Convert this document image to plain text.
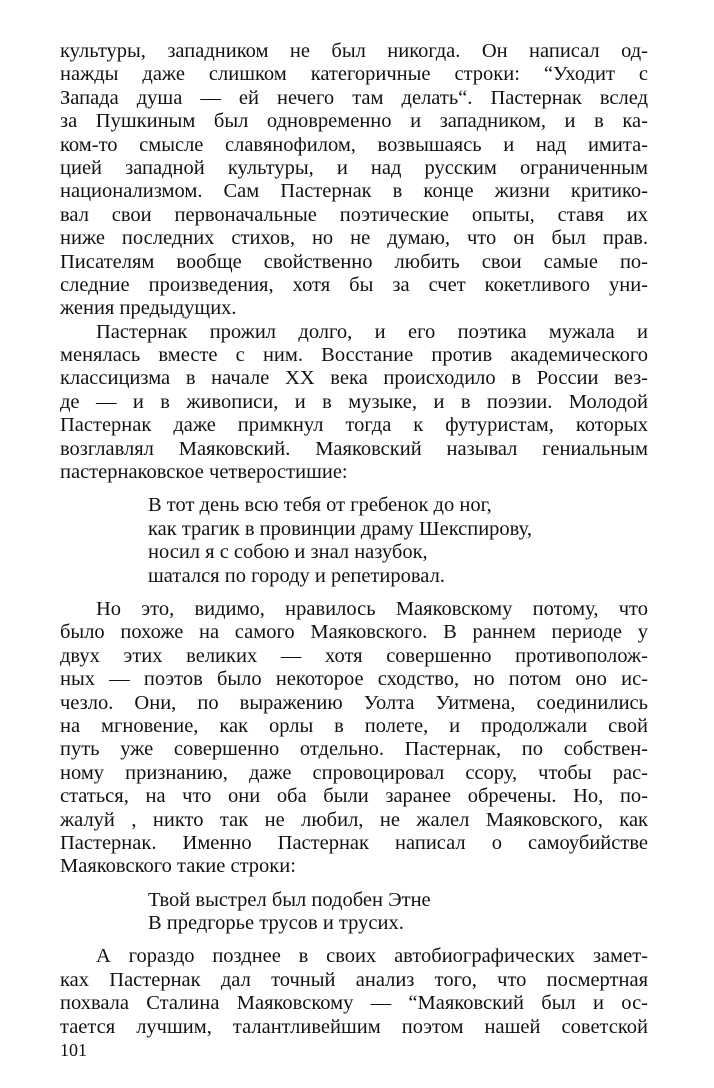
культуры, западником не был никогда. Он написал од-
нажды даже слишком категоричные строки: “Уходит с
Запада душа — ей нечего там делать“. Пастернак вслед
за Пушкиным был одновременно и западником, и в ка-
ком-то смысле славянофилом, возвышаясь и над имита-
цией западной культуры, и над русским ограниченным
национализмом. Сам Пастернак в конце жизни критико-
вал свои первоначальные поэтические опыты, ставя их
ниже последних стихов, но не думаю, что он был прав.
Писателям вообще свойственно любить свои самые по-
следние произведения, хотя бы за счет кокетливого уни-
жения предыдущих.
Пастернак прожил долго, и его поэтика мужала и
менялась вместе с ним. Восстание против академического
классицизма в начале XX века происходило в России вез-
де — и в живописи, и в музыке, и в поэзии. Молодой
Пастернак даже примкнул тогда к футуристам, которых
возглавлял Маяковский. Маяковский называл гениальным
пастернаковское четверостишие:
В тот день всю тебя от гребенок до ног,
как трагик в провинции драму Шекспирову,
носил я с собою и знал назубок,
шатался по городу и репетировал.
Но это, видимо, нравилось Маяковскому потому, что
было похоже на самого Маяковского. В раннем периоде у
двух этих великих — хотя совершенно противополож-
ных — поэтов было некоторое сходство, но потом оно ис-
чезло. Они, по выражению Уолта Уитмена, соединились
на мгновение, как орлы в полете, и продолжали свой
путь уже совершенно отдельно. Пастернак, по собствен-
ному признанию, даже спровоцировал ссору, чтобы рас-
статься, на что они оба были заранее обречены. Но, по-
жалуй , никто так не любил, не жалел Маяковского, как
Пастернак. Именно Пастернак написал о самоубийстве
Маяковского такие строки:
Твой выстрел был подобен Этне
В предгорье трусов и трусих.
А гораздо позднее в своих автобиографических замет-
ках Пастернак дал точный анализ того, что посмертная
похвала Сталина Маяковскому — “Маяковский был и ос-
тается лучшим, талантливейшим поэтом нашей советской
101
